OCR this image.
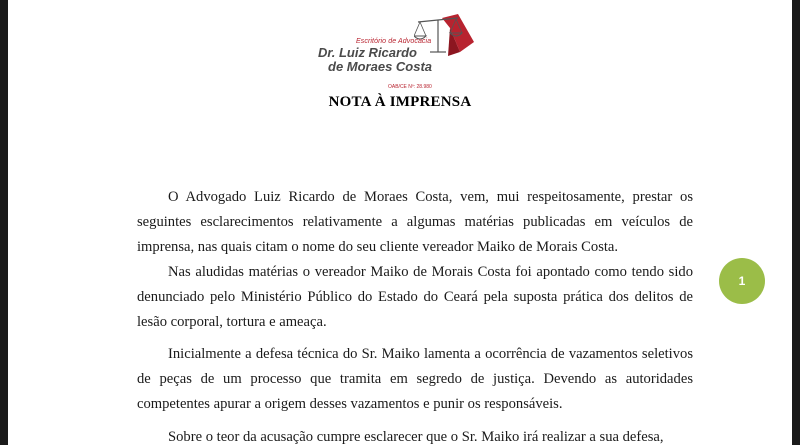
Escritório de Advocacia
Dr. Luiz Ricardo
de Moraes Costa
OAB/CE Nº: 28.980
NOTA À IMPRENSA

O Advogado Luiz Ricardo de Moraes Costa, vem, mui respeitosamente, prestar os seguintes esclarecimentos relativamente a algumas matérias publicadas em veículos de imprensa, nas quais citam o nome do seu cliente vereador Maiko de Morais Costa.

Nas aludidas matérias o vereador Maiko de Morais Costa foi apontado como tendo sido denunciado pelo Ministério Público do Estado do Ceará pela suposta prática dos delitos de lesão corporal, tortura e ameaça.

Inicialmente a defesa técnica do Sr. Maiko lamenta a ocorrência de vazamentos seletivos de peças de um processo que tramita em segredo de justiça. Devendo as autoridades competentes apurar a origem desses vazamentos e punir os responsáveis.

Sobre o teor da acusação cumpre esclarecer que o Sr. Maiko irá realizar a sua defesa,

1
